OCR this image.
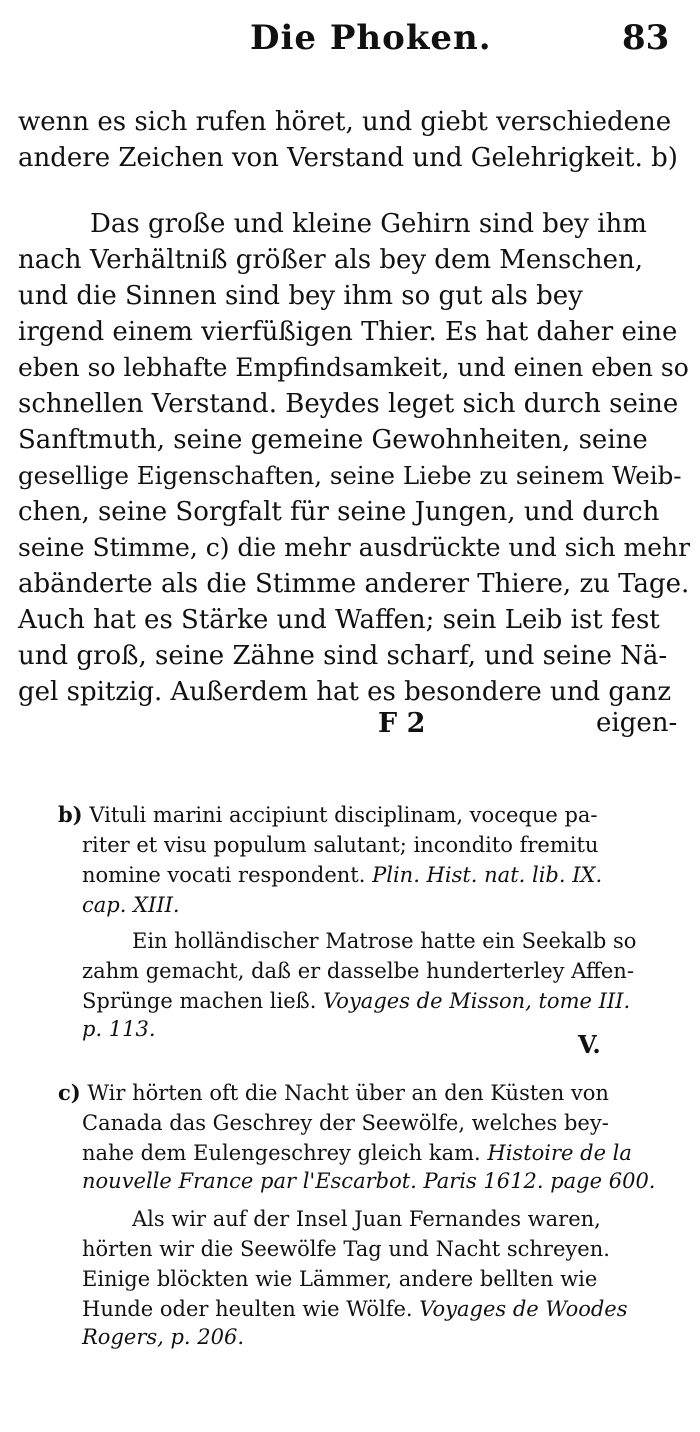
Die Phoken.	83
wenn es sich rufen höret, und giebt verschiedene
andere Zeichen von Verstand und Gelehrigkeit. b)
Das große und kleine Gehirn sind bey ihm
nach Verhältniß größer als bey dem Menschen,
und die Sinnen sind bey ihm so gut als bey
irgend einem vierfüßigen Thier. Es hat daher eine
eben so lebhafte Empfindsamkeit, und einen eben so
schnellen Verstand. Beydes leget sich durch seine
Sanftmuth, seine gemeine Gewohnheiten, seine
gesellige Eigenschaften, seine Liebe zu seinem Weib-
chen, seine Sorgfalt für seine Jungen, und durch
seine Stimme, c) die mehr ausdrückte und sich mehr
abänderte als die Stimme anderer Thiere, zu Tage.
Auch hat es Stärke und Waffen; sein Leib ist fest
und groß, seine Zähne sind scharf, und seine Nä-
gel spitzig. Außerdem hat es besondere und ganz
F 2	eigen-
b) Vituli marini accipiunt disciplinam, voceque pa-
riter et visu populum salutant; incondito fremitu
nomine vocati respondent. Plin. Hist. nat. lib. IX.
cap. XIII.
Ein holländischer Matrose hatte ein Seekalb so
zahm gemacht, daß er dasselbe hunderterley Affen-
Sprünge machen ließ. Voyages de Misson, tome III.
p. 113.
V.
c) Wir hörten oft die Nacht über an den Küsten von
Canada das Geschrey der Seewölfe, welches bey-
nahe dem Eulengeschrey gleich kam. Histoire de la
nouvelle France par l'Escarbot. Paris 1612. page 600.
Als wir auf der Insel Juan Fernandes waren,
hörten wir die Seewölfe Tag und Nacht schreyen.
Einige blöckten wie Lämmer, andere bellten wie
Hunde oder heulten wie Wölfe. Voyages de Woodes
Rogers, p. 206.
